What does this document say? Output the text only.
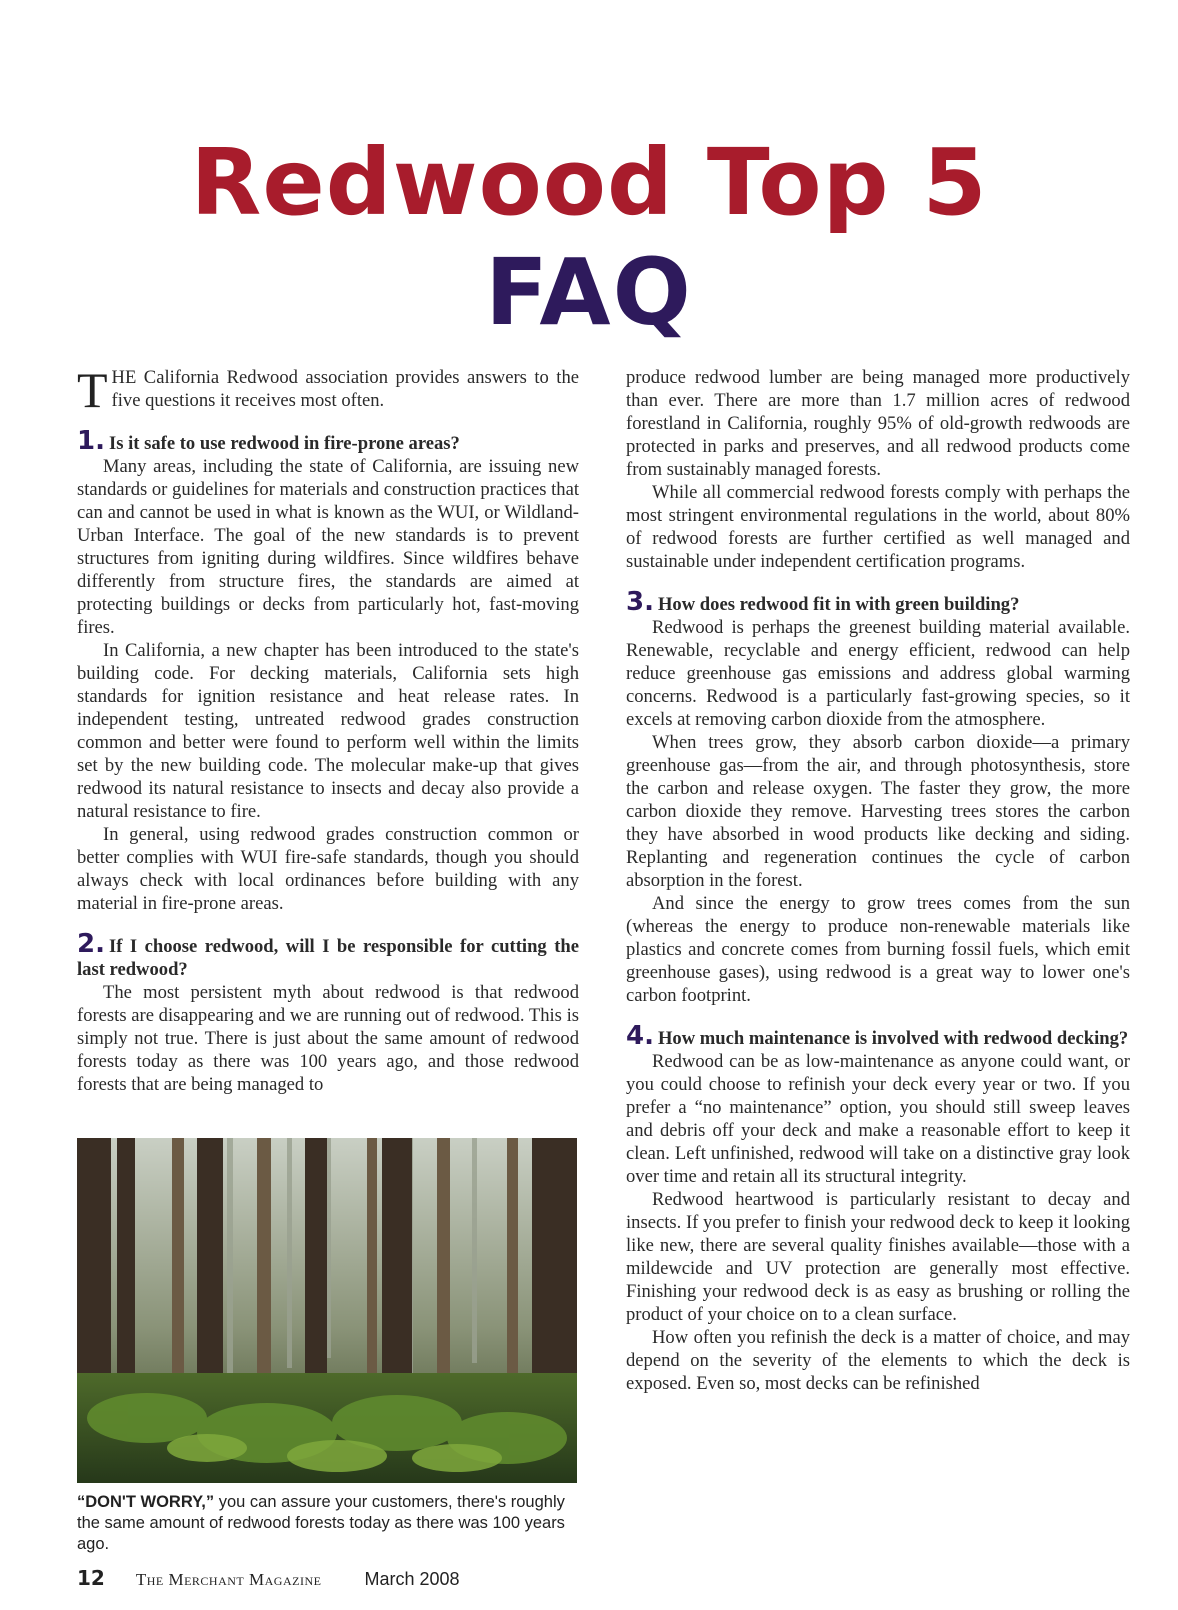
Redwood Top 5
FAQ

THE California Redwood association provides answers to the five questions it receives most often.

1. Is it safe to use redwood in fire-prone areas?

Many areas, including the state of California, are issuing new standards or guidelines for materials and construction practices that can and cannot be used in what is known as the WUI, or Wildland-Urban Interface. The goal of the new standards is to prevent structures from igniting during wildfires. Since wildfires behave differently from structure fires, the standards are aimed at protecting buildings or decks from particularly hot, fast-moving fires.

In California, a new chapter has been introduced to the state's building code. For decking materials, California sets high standards for ignition resistance and heat release rates. In independent testing, untreated redwood grades construction common and better were found to perform well within the limits set by the new building code. The molecular make-up that gives redwood its natural resistance to insects and decay also provide a natural resistance to fire.

In general, using redwood grades construction common or better complies with WUI fire-safe standards, though you should always check with local ordinances before building with any material in fire-prone areas.

2. If I choose redwood, will I be responsible for cutting the last redwood?

The most persistent myth about redwood is that redwood forests are disappearing and we are running out of redwood. This is simply not true. There is just about the same amount of redwood forests today as there was 100 years ago, and those redwood forests that are being managed to

“DON'T WORRY,” you can assure your customers, there's roughly the same amount of redwood forests today as there was 100 years ago.

produce redwood lumber are being managed more productively than ever. There are more than 1.7 million acres of redwood forestland in California, roughly 95% of old-growth redwoods are protected in parks and preserves, and all redwood products come from sustainably managed forests.

While all commercial redwood forests comply with perhaps the most stringent environmental regulations in the world, about 80% of redwood forests are further certified as well managed and sustainable under independent certification programs.

3. How does redwood fit in with green building?

Redwood is perhaps the greenest building material available. Renewable, recyclable and energy efficient, redwood can help reduce greenhouse gas emissions and address global warming concerns. Redwood is a particularly fast-growing species, so it excels at removing carbon dioxide from the atmosphere.

When trees grow, they absorb carbon dioxide—a primary greenhouse gas—from the air, and through photosynthesis, store the carbon and release oxygen. The faster they grow, the more carbon dioxide they remove. Harvesting trees stores the carbon they have absorbed in wood products like decking and siding. Replanting and regeneration continues the cycle of carbon absorption in the forest.

And since the energy to grow trees comes from the sun (whereas the energy to produce non-renewable materials like plastics and concrete comes from burning fossil fuels, which emit greenhouse gases), using redwood is a great way to lower one's carbon footprint.

4. How much maintenance is involved with redwood decking?

Redwood can be as low-maintenance as anyone could want, or you could choose to refinish your deck every year or two. If you prefer a “no maintenance” option, you should still sweep leaves and debris off your deck and make a reasonable effort to keep it clean. Left unfinished, redwood will take on a distinctive gray look over time and retain all its structural integrity.

Redwood heartwood is particularly resistant to decay and insects. If you prefer to finish your redwood deck to keep it looking like new, there are several quality finishes available—those with a mildewcide and UV protection are generally most effective. Finishing your redwood deck is as easy as brushing or rolling the product of your choice on to a clean surface.

How often you refinish the deck is a matter of choice, and may depend on the severity of the elements to which the deck is exposed. Even so, most decks can be refinished

12 The Merchant Magazine March 2008
